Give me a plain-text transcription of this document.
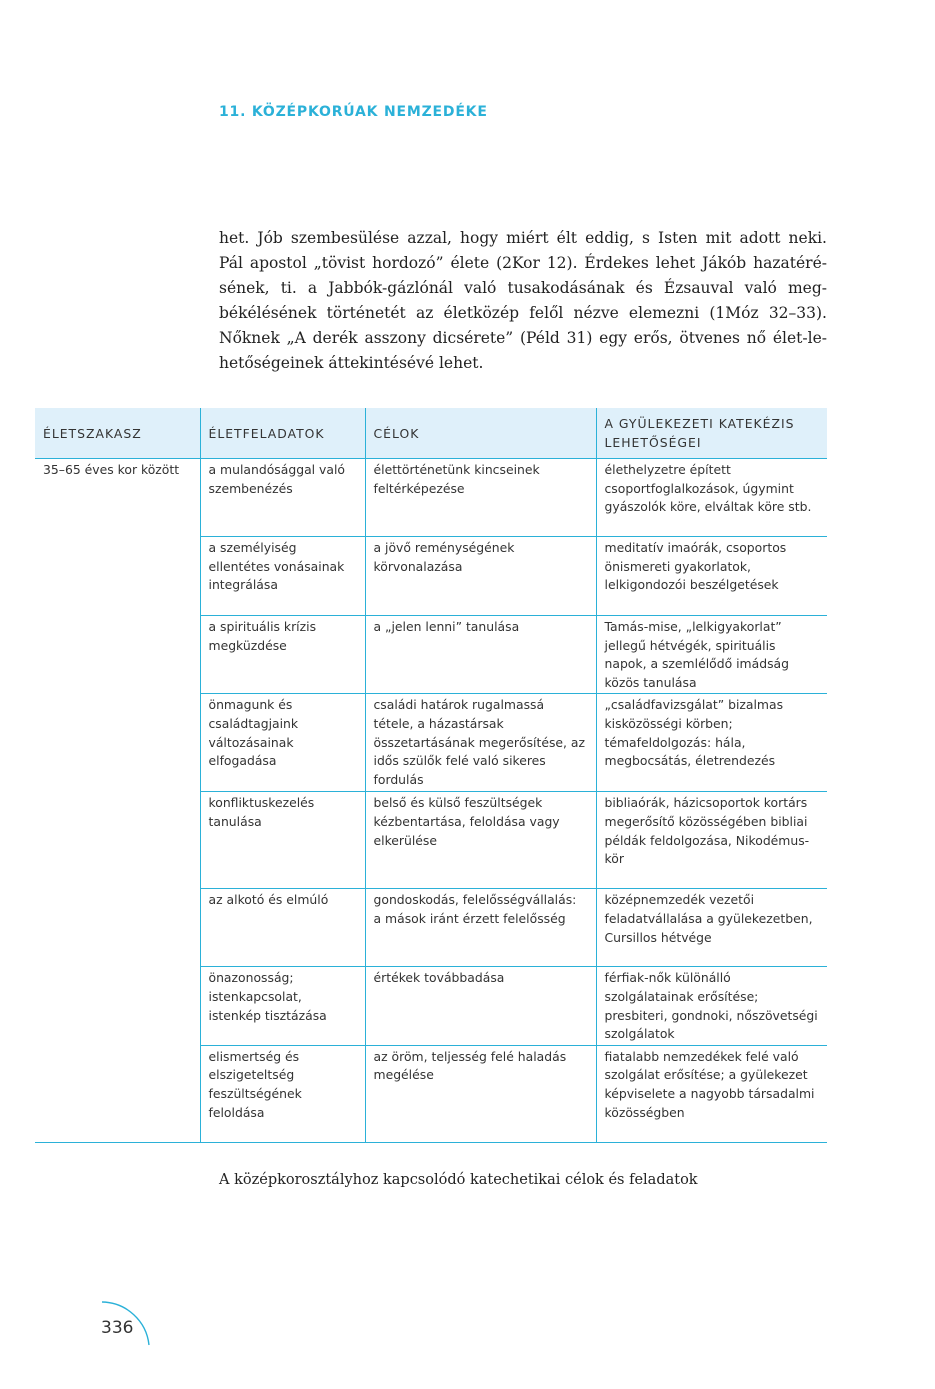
11. KÖZÉPKORÚAK NEMZEDÉKE
het. Jób szembesülése azzal, hogy miért élt eddig, s Isten mit adott neki.
Pál apostol „tövist hordozó” élete (2Kor 12). Érdekes lehet Jákób hazatéré-
sének, ti. a Jabbók-gázlónál való tusakodásának és Ézsauval való meg-
békélésének történetét az életközép felől nézve elemezni (1Móz 32–33).
Nőknek „A derék asszony dicsérete” (Péld 31) egy erős, ötvenes nő élet-le-
hetőségeinek áttekintésévé lehet.
ÉLETSZAKASZ	ÉLETFELADATOK	CÉLOK	A GYÜLEKEZETI KATEKÉZIS LEHETŐSÉGEI
35–65 éves kor között	a mulandósággal való szembenézés	élettörténetünk kincseinek feltérképezése	élethelyzetre épített csoportfoglalkozások, úgymint gyászolók köre, elváltak köre stb.
	a személyiség ellentétes vonásainak integrálása	a jövő reménységének körvonalazása	meditatív imaórák, csoportos önismereti gyakorlatok, lelkigondozói beszélgetések
	a spirituális krízis megküzdése	a „jelen lenni” tanulása	Tamás-mise, „lelkigyakorlat” jellegű hétvégék, spirituális napok, a szemlélődő imádság közös tanulása
	önmagunk és családtagjaink változásainak elfogadása	családi határok rugalmassá tétele, a házastársak összetartásának megerősítése, az idős szülők felé való sikeres fordulás	„családfavizsgálat” bizalmas kisközösségi körben; témafeldolgozás: hála, megbocsátás, életrendezés
	konfliktuskezelés tanulása	belső és külső feszültségek kézbentartása, feloldása vagy elkerülése	bibliaórák, házicsoportok kortárs megerősítő közösségében bibliai példák feldolgozása, Nikodémus-kör
	az alkotó és elmúló	gondoskodás, felelősségvállalás: a mások iránt érzett felelősség	középnemzedék vezetői feladatvállalása a gyülekezetben, Cursillos hétvége
	önazonosság; istenkapcsolat, istenkép tisztázása	értékek továbbadása	férfiak-nők különálló szolgálatainak erősítése; presbiteri, gondnoki, nőszövetségi szolgálatok
	elismertség és elszigeteltség feszültségének feloldása	az öröm, teljesség felé haladás megélése	fiatalabb nemzedékek felé való szolgálat erősítése; a gyülekezet képviselete a nagyobb társadalmi közösségben
A középkorosztályhoz kapcsolódó katechetikai célok és feladatok
336
